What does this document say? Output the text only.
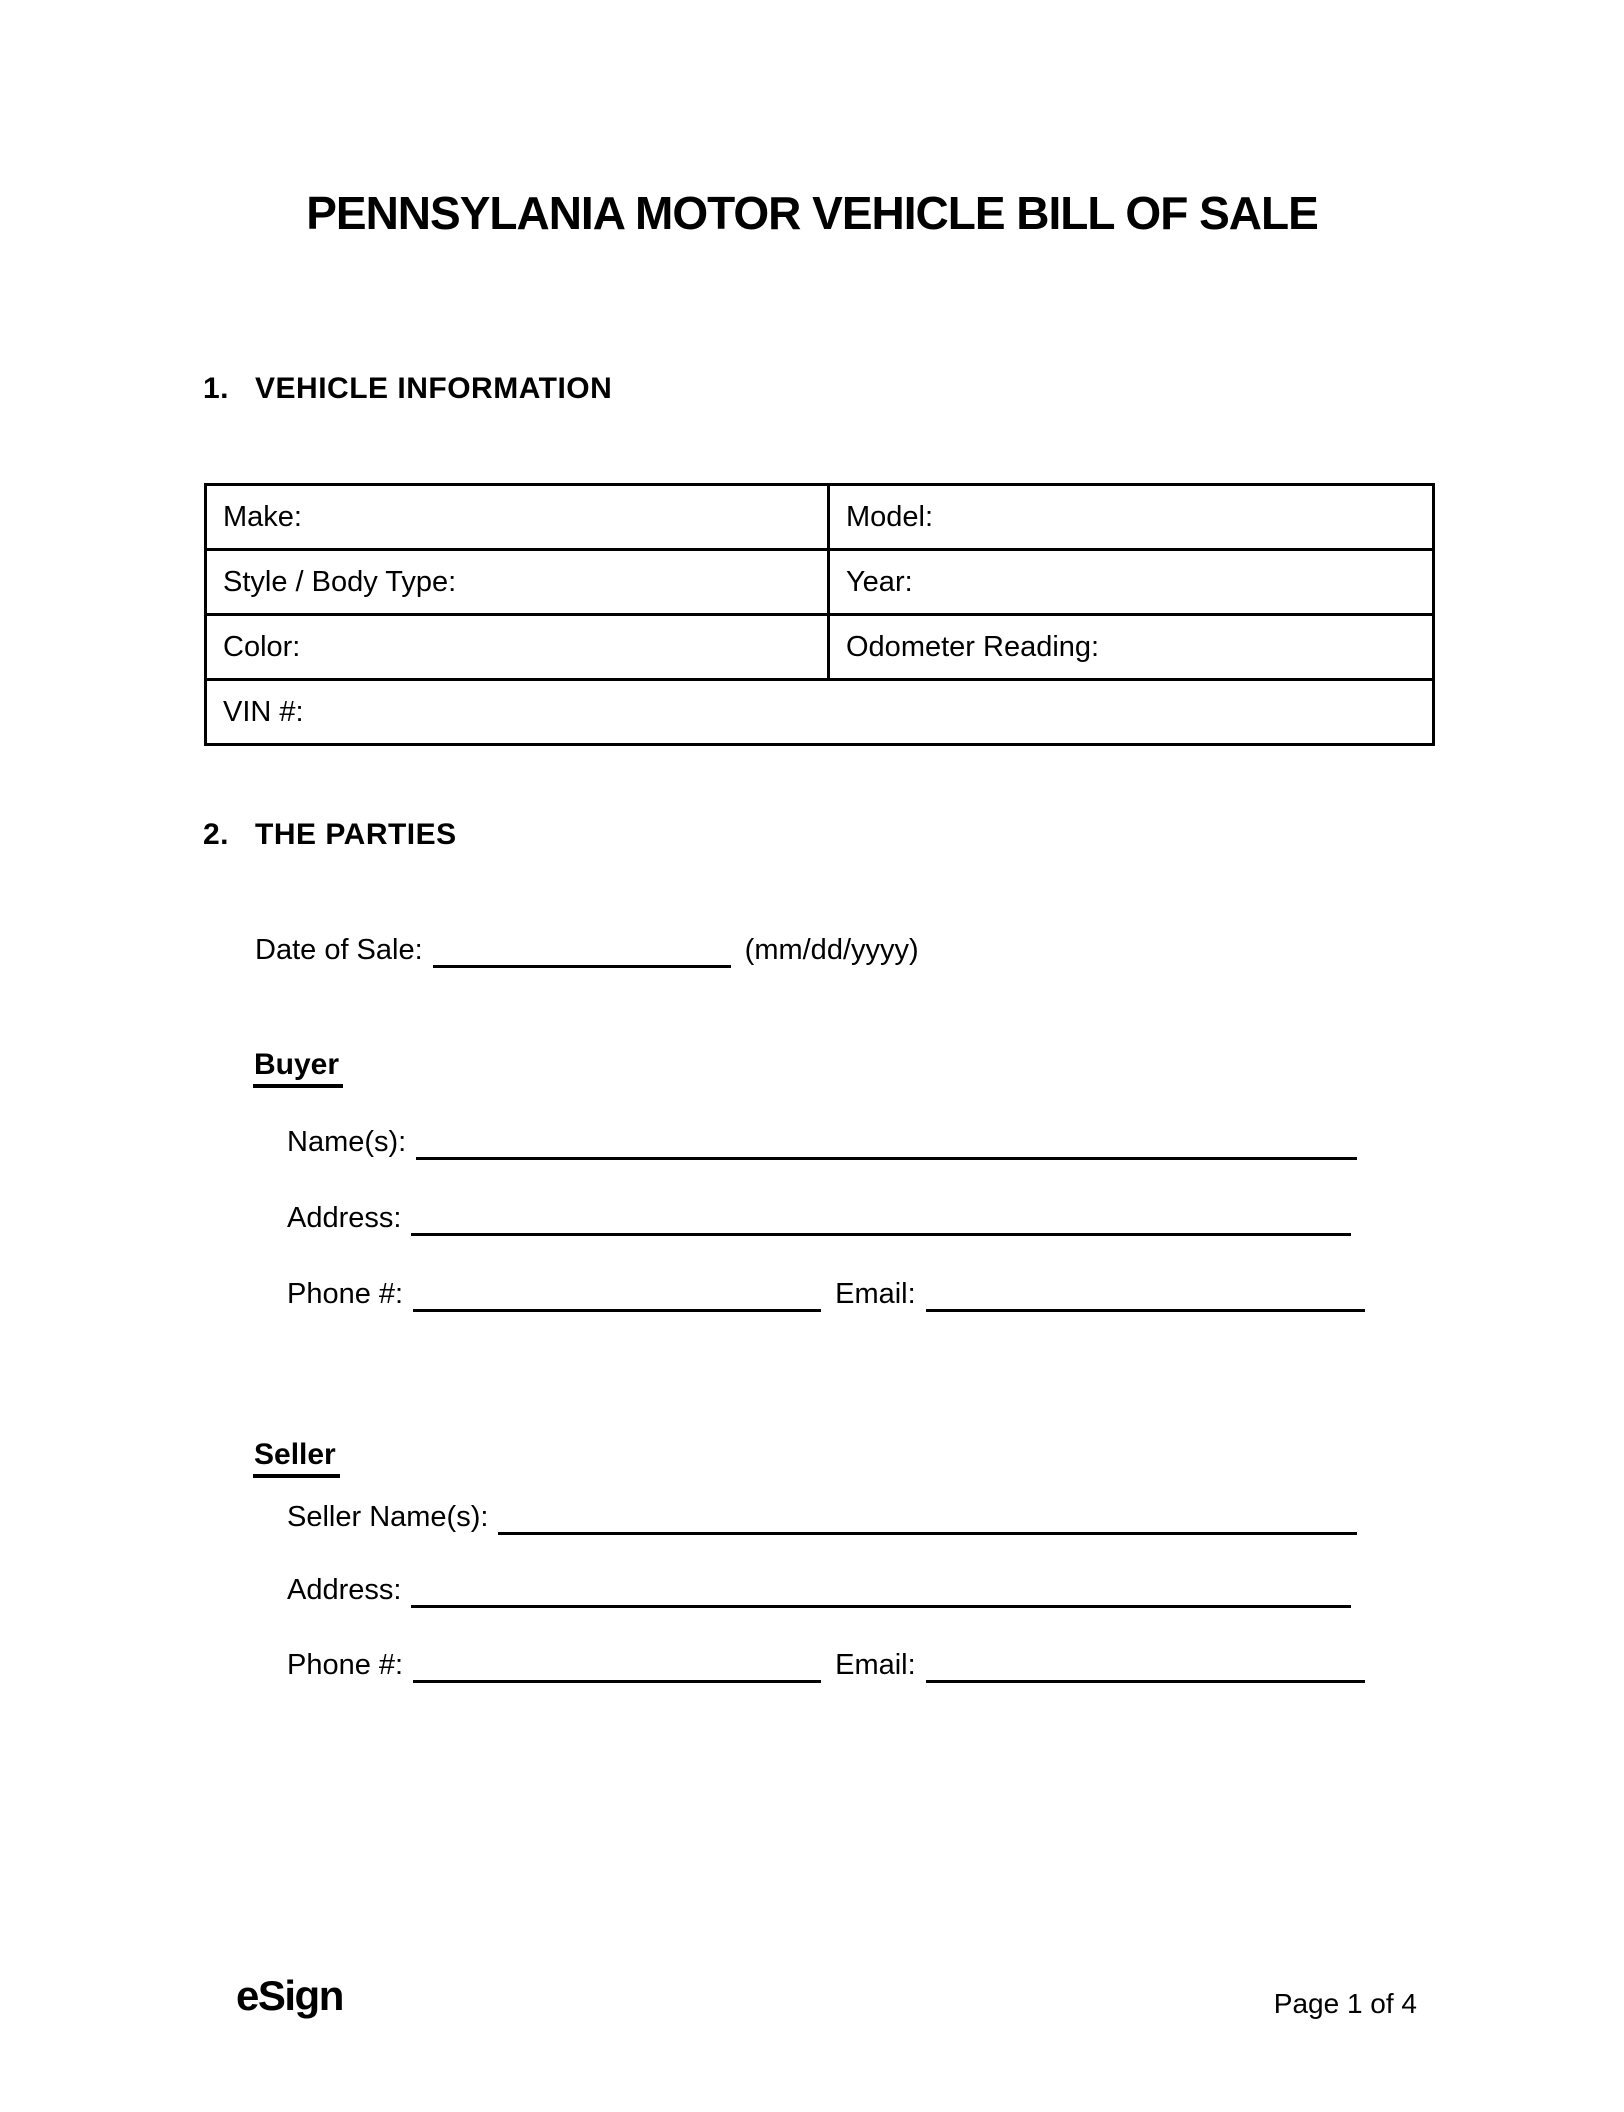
PENNSYLANIA MOTOR VEHICLE BILL OF SALE
1. VEHICLE INFORMATION
Make:	Model:
Style / Body Type:	Year:
Color:	Odometer Reading:
VIN #:	
2. THE PARTIES
Date of Sale:	(mm/dd/yyyy)
Buyer
Name(s):
Address:
Phone #:	Email:
Seller
Seller Name(s):
Address:
Phone #:	Email:
eSign	Page 1 of 4
